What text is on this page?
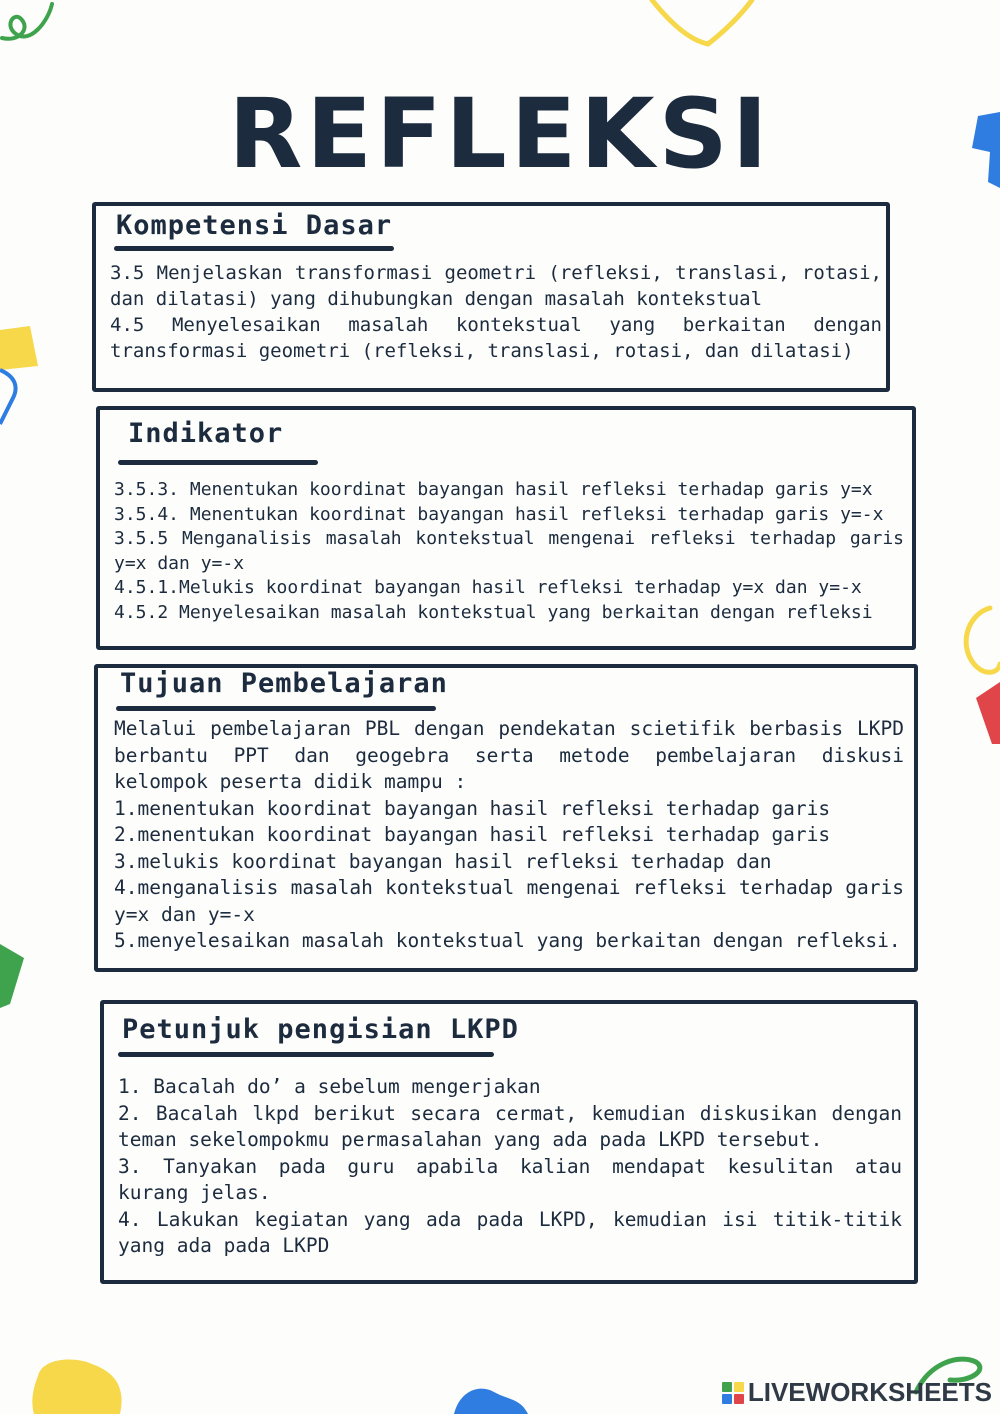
REFLEKSI
Kompetensi Dasar
3.5 Menjelaskan transformasi geometri (refleksi, translasi, rotasi, dan dilatasi) yang dihubungkan dengan masalah kontekstual
4.5 Menyelesaikan masalah kontekstual yang berkaitan dengan transformasi geometri (refleksi, translasi, rotasi, dan dilatasi)
Indikator
3.5.3. Menentukan koordinat bayangan hasil refleksi terhadap garis y=x
3.5.4. Menentukan koordinat bayangan hasil refleksi terhadap garis y=-x
3.5.5 Menganalisis masalah kontekstual mengenai refleksi terhadap garis y=x dan y=-x
4.5.1.Melukis koordinat bayangan hasil refleksi terhadap y=x dan y=-x
4.5.2 Menyelesaikan masalah kontekstual yang berkaitan dengan refleksi
Tujuan Pembelajaran

Melalui pembelajaran PBL dengan pendekatan scietifik berbasis LKPD berbantu PPT dan geogebra serta metode pembelajaran diskusi kelompok peserta didik mampu :

1.menentukan koordinat bayangan hasil refleksi terhadap garis
2.menentukan koordinat bayangan hasil refleksi terhadap garis
3.melukis koordinat bayangan hasil refleksi terhadap dan
4.menganalisis masalah kontekstual mengenai refleksi terhadap garis y=x dan y=-x
5.menyelesaikan masalah kontekstual yang berkaitan dengan refleksi.
Petunjuk pengisian LKPD
1. Bacalah do’ a sebelum mengerjakan
2. Bacalah lkpd berikut secara cermat, kemudian diskusikan dengan teman sekelompokmu permasalahan yang ada pada LKPD tersebut.
3. Tanyakan pada guru apabila kalian mendapat kesulitan atau kurang jelas.
4. Lakukan kegiatan yang ada pada LKPD, kemudian isi titik-titik yang ada pada LKPD
LIVEWORKSHEETS
